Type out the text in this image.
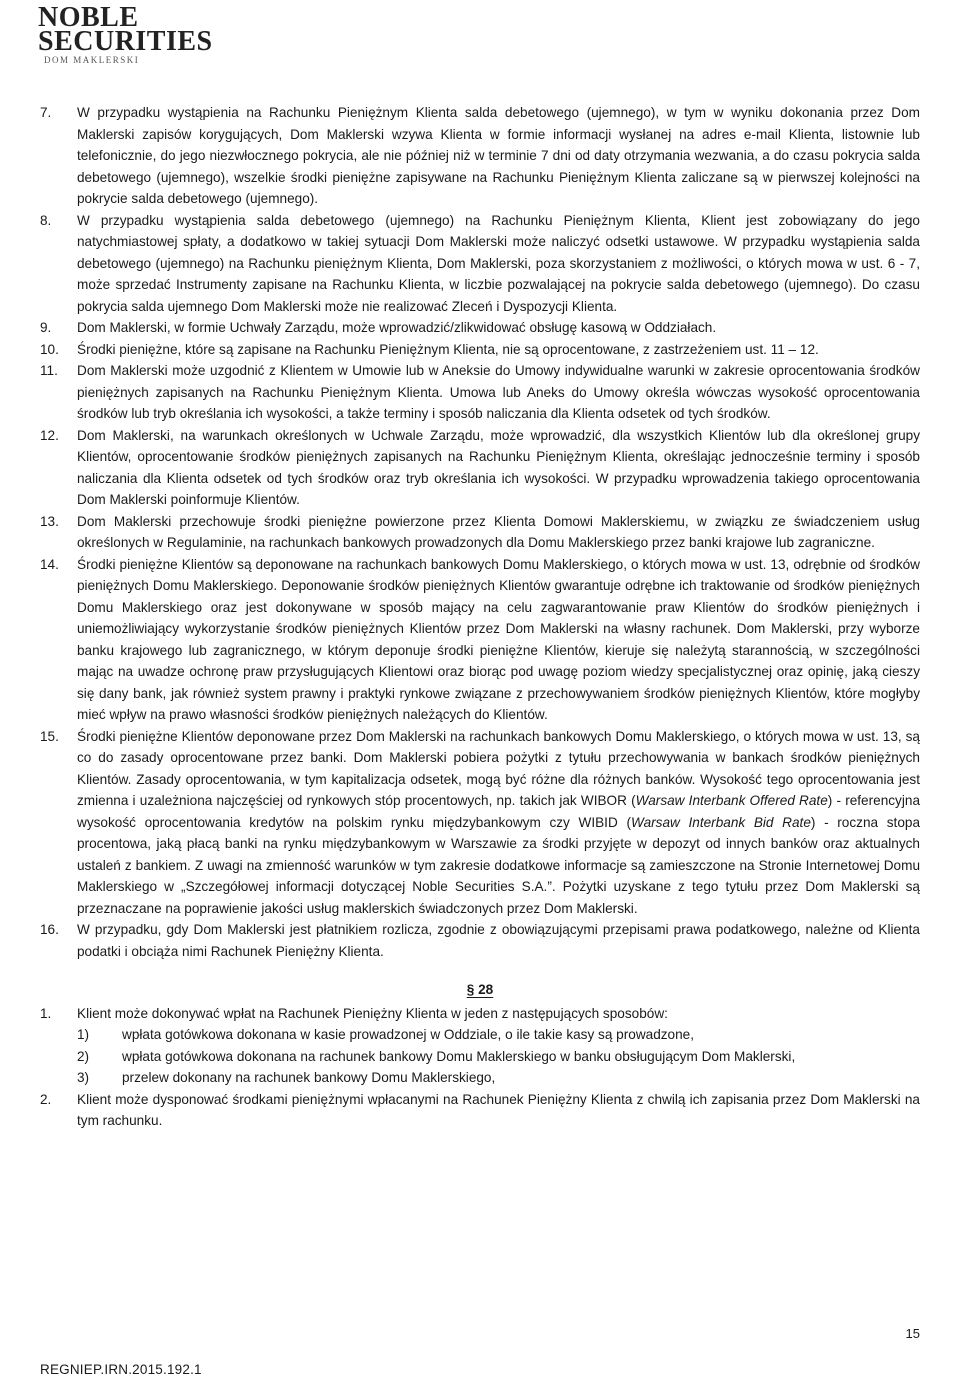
NOBLE
SECURITIES
DOM MAKLERSKI
7.	W przypadku wystąpienia na Rachunku Pieniężnym Klienta salda debetowego (ujemnego), w tym w wyniku dokonania przez Dom Maklerski zapisów korygujących, Dom Maklerski wzywa Klienta w formie informacji wysłanej na adres e-mail Klienta, listownie lub telefonicznie, do jego niezwłocznego pokrycia, ale nie później niż w terminie 7 dni od daty otrzymania wezwania, a do czasu pokrycia salda debetowego (ujemnego), wszelkie środki pieniężne zapisywane na Rachunku Pieniężnym Klienta zaliczane są w pierwszej kolejności na pokrycie salda debetowego (ujemnego).
8.	W przypadku wystąpienia salda debetowego (ujemnego) na Rachunku Pieniężnym Klienta, Klient jest zobowiązany do jego natychmiastowej spłaty, a dodatkowo w takiej sytuacji Dom Maklerski może naliczyć odsetki ustawowe. W przypadku wystąpienia salda debetowego (ujemnego) na Rachunku pieniężnym Klienta, Dom Maklerski, poza skorzystaniem z możliwości, o których mowa w ust. 6 - 7, może sprzedać Instrumenty zapisane na Rachunku Klienta, w liczbie pozwalającej na pokrycie salda debetowego (ujemnego). Do czasu pokrycia salda ujemnego Dom Maklerski może nie realizować Zleceń i Dyspozycji Klienta.
9.	Dom Maklerski, w formie Uchwały Zarządu, może wprowadzić/zlikwidować obsługę kasową w Oddziałach.
10.	Środki pieniężne, które są zapisane na Rachunku Pieniężnym Klienta, nie są oprocentowane, z zastrzeżeniem ust. 11 – 12.
11.	Dom Maklerski może uzgodnić z Klientem w Umowie lub w Aneksie do Umowy indywidualne warunki w zakresie oprocentowania środków pieniężnych zapisanych na Rachunku Pieniężnym Klienta. Umowa lub Aneks do Umowy określa wówczas wysokość oprocentowania środków lub tryb określania ich wysokości, a także terminy i sposób naliczania dla Klienta odsetek od tych środków.
12.	Dom Maklerski, na warunkach określonych w Uchwale Zarządu, może wprowadzić, dla wszystkich Klientów lub dla określonej grupy Klientów, oprocentowanie środków pieniężnych zapisanych na Rachunku Pieniężnym Klienta, określając jednocześnie terminy i sposób naliczania dla Klienta odsetek od tych środków oraz tryb określania ich wysokości. W przypadku wprowadzenia takiego oprocentowania Dom Maklerski poinformuje Klientów.
13.	Dom Maklerski przechowuje środki pieniężne powierzone przez Klienta Domowi Maklerskiemu, w związku ze świadczeniem usług określonych w Regulaminie, na rachunkach bankowych prowadzonych dla Domu Maklerskiego przez banki krajowe lub zagraniczne.
14.	Środki pieniężne Klientów są deponowane na rachunkach bankowych Domu Maklerskiego, o których mowa w ust. 13, odrębnie od środków pieniężnych Domu Maklerskiego. Deponowanie środków pieniężnych Klientów gwarantuje odrębne ich traktowanie od środków pieniężnych Domu Maklerskiego oraz jest dokonywane w sposób mający na celu zagwarantowanie praw Klientów do środków pieniężnych i uniemożliwiający wykorzystanie środków pieniężnych Klientów przez Dom Maklerski na własny rachunek. Dom Maklerski, przy wyborze banku krajowego lub zagranicznego, w którym deponuje środki pieniężne Klientów, kieruje się należytą starannością, w szczególności mając na uwadze ochronę praw przysługujących Klientowi oraz biorąc pod uwagę poziom wiedzy specjalistycznej oraz opinię, jaką cieszy się dany bank, jak również system prawny i praktyki rynkowe związane z przechowywaniem środków pieniężnych Klientów, które mogłyby mieć wpływ na prawo własności środków pieniężnych należących do Klientów.
15.	Środki pieniężne Klientów deponowane przez Dom Maklerski na rachunkach bankowych Domu Maklerskiego, o których mowa w ust. 13, są co do zasady oprocentowane przez banki. Dom Maklerski pobiera pożytki z tytułu przechowywania w bankach środków pieniężnych Klientów. Zasady oprocentowania, w tym kapitalizacja odsetek, mogą być różne dla różnych banków. Wysokość tego oprocentowania jest zmienna i uzależniona najczęściej od rynkowych stóp procentowych, np. takich jak WIBOR (Warsaw Interbank Offered Rate) - referencyjna wysokość oprocentowania kredytów na polskim rynku międzybankowym czy WIBID (Warsaw Interbank Bid Rate) - roczna stopa procentowa, jaką płacą banki na rynku międzybankowym w Warszawie za środki przyjęte w depozyt od innych banków oraz aktualnych ustaleń z bankiem. Z uwagi na zmienność warunków w tym zakresie dodatkowe informacje są zamieszczone na Stronie Internetowej Domu Maklerskiego w „Szczegółowej informacji dotyczącej Noble Securities S.A.”. Pożytki uzyskane z tego tytułu przez Dom Maklerski są przeznaczane na poprawienie jakości usług maklerskich świadczonych przez Dom Maklerski.
16.	W przypadku, gdy Dom Maklerski jest płatnikiem rozlicza, zgodnie z obowiązującymi przepisami prawa podatkowego, należne od Klienta podatki i obciąża nimi Rachunek Pieniężny Klienta.
§ 28
1.	Klient może dokonywać wpłat na Rachunek Pieniężny Klienta w jeden z następujących sposobów:
1)	wpłata gotówkowa dokonana w kasie prowadzonej w Oddziale, o ile takie kasy są prowadzone,
2)	wpłata gotówkowa dokonana na rachunek bankowy Domu Maklerskiego w banku obsługującym Dom Maklerski,
3)	przelew dokonany na rachunek bankowy Domu Maklerskiego,
2.	Klient może dysponować środkami pieniężnymi wpłacanymi na Rachunek Pieniężny Klienta z chwilą ich zapisania przez Dom Maklerski na tym rachunku.
15
REGNIEP.IRN.2015.192.1
